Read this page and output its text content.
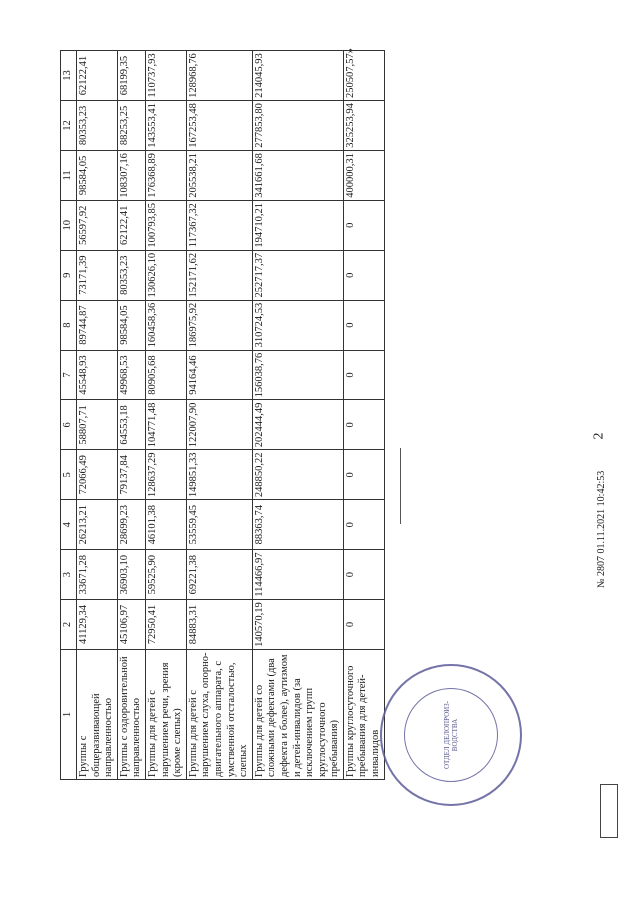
2
1	2	3	4	5	6	7	8	9	10	11	12	13
Группы с общеразвивающей направленностью	41129,34	33671,28	26213,21	72066,49	58807,71	45548,93	89744,87	73171,39	56597,92	98584,05	80353,23	62122,41
Группы с оздоровительной направленностью	45106,97	36903,10	28699,23	79137,84	64553,18	49968,53	98584,05	80353,23	62122,41	108307,16	88253,25	68199,35
Группы для детей с нарушением речи, зрения (кроме слепых)	72950,41	59525,90	46101,38	128637,29	104771,48	80905,68	160458,36	130626,10	100793,85	176368,89	143553,41	110737,93
Группы для детей с нарушением слуха, опорно-двигательного аппарата, с умственной отсталостью, слепых	84883,31	69221,38	53559,45	149851,33	122007,90	94164,46	186975,92	152171,62	117367,32	205538,21	167253,48	128968,76
Группы для детей со сложными дефектами (два дефекта и более), аутизмом и детей-инвалидов (за исключением групп круглосуточного пребывания)	140570,19	114466,97	88363,74	248850,22	202444,49	156038,76	310724,53	252717,37	194710,21	341661,68	277853,80	214045,93
Группы круглосуточного пребывания для детей-инвалидов	0	0	0	0	0	0	0	0	0	400000,31	325253,94	250507,57»
ОТДЕЛ ДЕЛОПРОИЗ-ВОДСТВА
№ 2807 01.11.2021 10:42:53
